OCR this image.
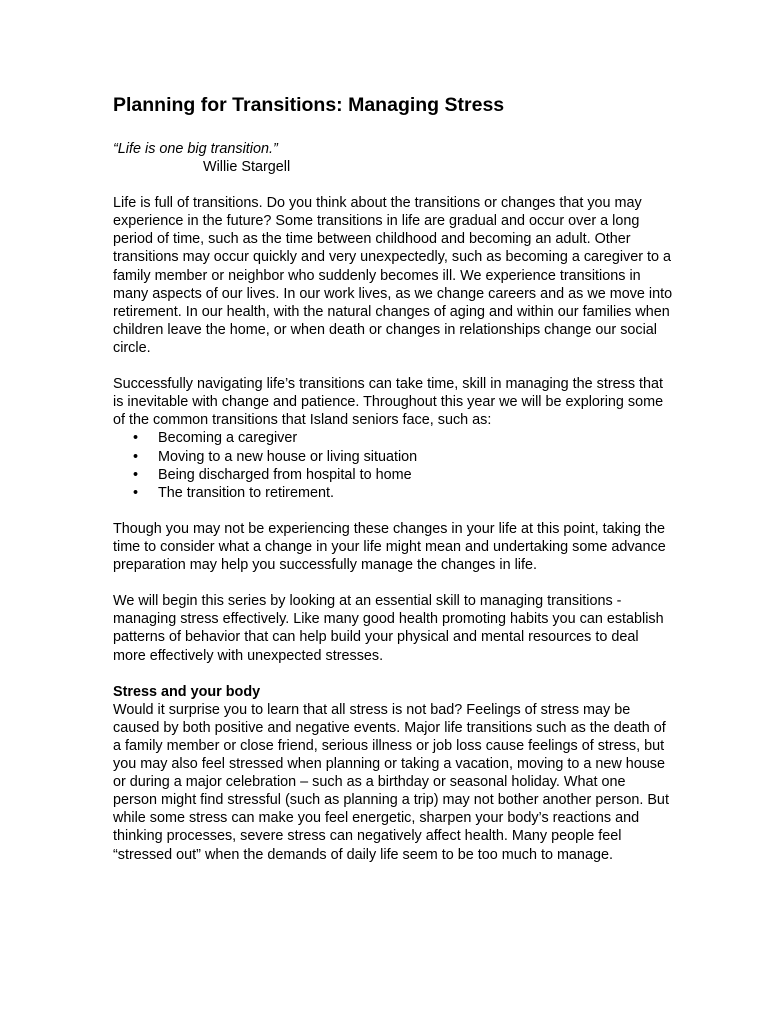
Planning for Transitions: Managing Stress

“Life is one big transition.”

Willie Stargell

Life is full of transitions. Do you think about the transitions or changes that you may experience in the future? Some transitions in life are gradual and occur over a long period of time, such as the time between childhood and becoming an adult. Other transitions may occur quickly and very unexpectedly, such as becoming a caregiver to a family member or neighbor who suddenly becomes ill. We experience transitions in many aspects of our lives. In our work lives, as we change careers and as we move into retirement. In our health, with the natural changes of aging and within our families when children leave the home, or when death or changes in relationships change our social circle.

Successfully navigating life’s transitions can take time, skill in managing the stress that is inevitable with change and patience. Throughout this year we will be exploring some of the common transitions that Island seniors face, such as:

• Becoming a caregiver
• Moving to a new house or living situation
• Being discharged from hospital to home
• The transition to retirement.

Though you may not be experiencing these changes in your life at this point, taking the time to consider what a change in your life might mean and undertaking some advance preparation may help you successfully manage the changes in life.

We will begin this series by looking at an essential skill to managing transitions - managing stress effectively. Like many good health promoting habits you can establish patterns of behavior that can help build your physical and mental resources to deal more effectively with unexpected stresses.

Stress and your body

Would it surprise you to learn that all stress is not bad? Feelings of stress may be caused by both positive and negative events. Major life transitions such as the death of a family member or close friend, serious illness or job loss cause feelings of stress, but you may also feel stressed when planning or taking a vacation, moving to a new house or during a major celebration – such as a birthday or seasonal holiday. What one person might find stressful (such as planning a trip) may not bother another person. But while some stress can make you feel energetic, sharpen your body’s reactions and thinking processes, severe stress can negatively affect health. Many people feel “stressed out” when the demands of daily life seem to be too much to manage.
